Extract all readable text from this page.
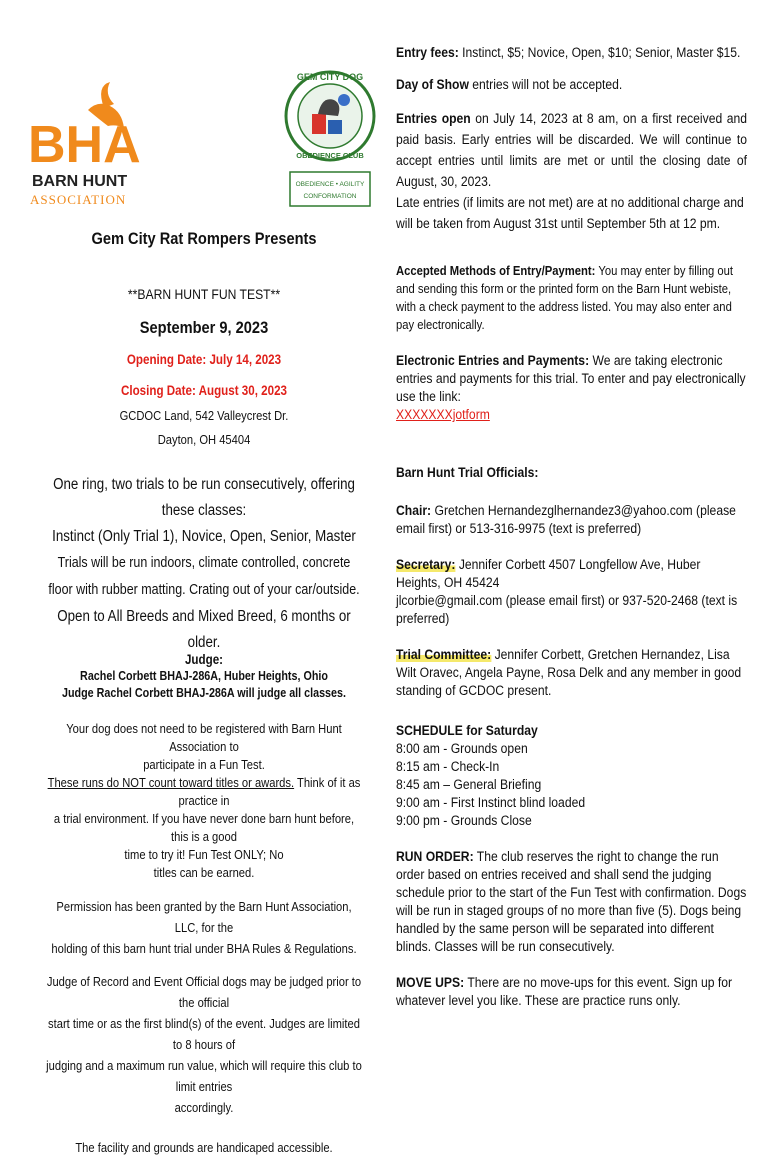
BHA
BARN HUNT
ASSOCIATION
GEM CITY DOG
OBEDIENCE CLUB
OBEDIENCE • AGILITY
CONFORMATION
Gem City Rat Rompers Presents
**BARN HUNT FUN TEST**
September 9, 2023
Opening Date: July 14, 2023
Closing Date: August 30, 2023
GCDOC Land, 542 Valleycrest Dr.
Dayton, OH 45404
One ring, two trials to be run consecutively, offering these classes:
Instinct (Only Trial 1), Novice, Open, Senior, Master
Trials will be run indoors, climate controlled, concrete
floor with rubber matting. Crating out of your car/outside.
Open to All Breeds and Mixed Breed, 6 months or older.
Judge:
Rachel Corbett BHAJ-286A, Huber Heights, Ohio
Judge Rachel Corbett BHAJ-286A will judge all classes.
Your dog does not need to be registered with Barn Hunt Association to
participate in a Fun Test.
These runs do NOT count toward titles or awards. Think of it as practice in
a trial environment. If you have never done barn hunt before, this is a good
time to try it! Fun Test ONLY; No
titles can be earned.
Permission has been granted by the Barn Hunt Association, LLC, for the
holding of this barn hunt trial under BHA Rules & Regulations.
Judge of Record and Event Official dogs may be judged prior to the official
start time or as the first blind(s) of the event. Judges are limited to 8 hours of
judging and a maximum run value, which will require this club to limit entries
accordingly.
The facility and grounds are handicaped accessible.

Entry fees: Instinct, $5; Novice, Open, $10; Senior, Master $15.

Day of Show entries will not be accepted.

Entries open on July 14, 2023 at 8 am, on a first received and paid basis. Early entries will be discarded. We will continue to accept entries until limits are met or until the closing date of August, 30, 2023.

Late entries (if limits are not met) are at no additional charge and will be taken from August 31st until September 5th at 12 pm.

Accepted Methods of Entry/Payment: You may enter by filling out and sending this form or the printed form on the Barn Hunt webiste, with a check payment to the address listed. You may also enter and pay electronically.

Electronic Entries and Payments: We are taking electronic entries and payments for this trial. To enter and pay electronically use the link:
XXXXXXXjotform

Barn Hunt Trial Officials:

Chair: Gretchen Hernandezglhernandez3@yahoo.com (please email first) or 513-316-9975 (text is preferred)

Secretary: Jennifer Corbett 4507 Longfellow Ave, Huber Heights, OH 45424

jlcorbie@gmail.com (please email first) or 937-520-2468 (text is preferred)

Trial Committee: Jennifer Corbett, Gretchen Hernandez, Lisa Wilt Oravec, Angela Payne, Rosa Delk and any member in good standing of GCDOC present.

SCHEDULE for Saturday

8:00 am - Grounds open
8:15 am - Check-In
8:45 am – General Briefing
9:00 am - First Instinct blind loaded
9:00 pm - Grounds Close

RUN ORDER: The club reserves the right to change the run order based on entries received and shall send the judging schedule prior to the start of the Fun Test with confirmation. Dogs will be run in staged groups of no more than five (5). Dogs being handled by the same person will be separated into different blinds. Classes will be run consecutively.

MOVE UPS: There are no move-ups for this event. Sign up for whatever level you like. These are practice runs only.
